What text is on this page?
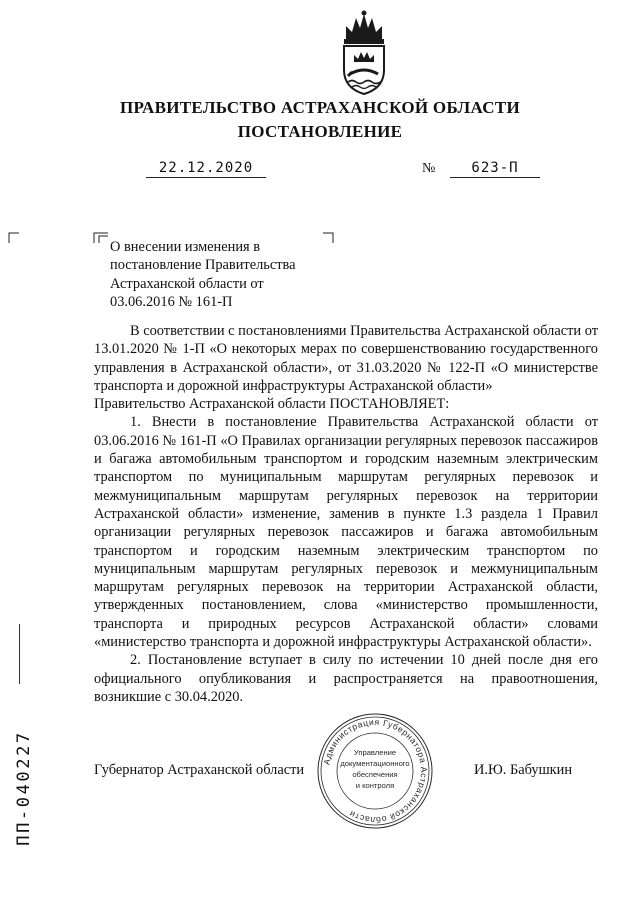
ПРАВИТЕЛЬСТВО АСТРАХАНСКОЙ ОБЛАСТИ
ПОСТАНОВЛЕНИЕ
22.12.2020	№	623-П
О внесении изменения в постановление Правительства Астраханской области от 03.06.2016 № 161-П

В соответствии с постановлениями Правительства Астраханской области от 13.01.2020 № 1-П «О некоторых мерах по совершенствованию государственного управления в Астраханской области», от 31.03.2020 № 122-П «О министерстве транспорта и дорожной инфраструктуры Астраханской области»

Правительство Астраханской области ПОСТАНОВЛЯЕТ:

1. Внести в постановление Правительства Астраханской области от 03.06.2016 № 161-П «О Правилах организации регулярных перевозок пассажиров и багажа автомобильным транспортом и городским наземным электрическим транспортом по муниципальным маршрутам регулярных перевозок и межмуниципальным маршрутам регулярных перевозок на территории Астраханской области» изменение, заменив в пункте 1.3 раздела 1 Правил организации регулярных перевозок пассажиров и багажа автомобильным транспортом и городским наземным электрическим транспортом по муниципальным маршрутам регулярных перевозок и межмуниципальным маршрутам регулярных перевозок на территории Астраханской области, утвержденных постановлением, слова «министерство промышленности, транспорта и природных ресурсов Астраханской области» словами «министерство транспорта и дорожной инфраструктуры Астраханской области».

2. Постановление вступает в силу по истечении 10 дней после дня его официального опубликования и распространяется на правоотношения, возникшие с 30.04.2020.

Администрация Губернатора Астраханской области
Управление
документационного
обеспечения
и контроля
Губернатор Астраханской области	И.Ю. Бабушкин
ПП-040227
